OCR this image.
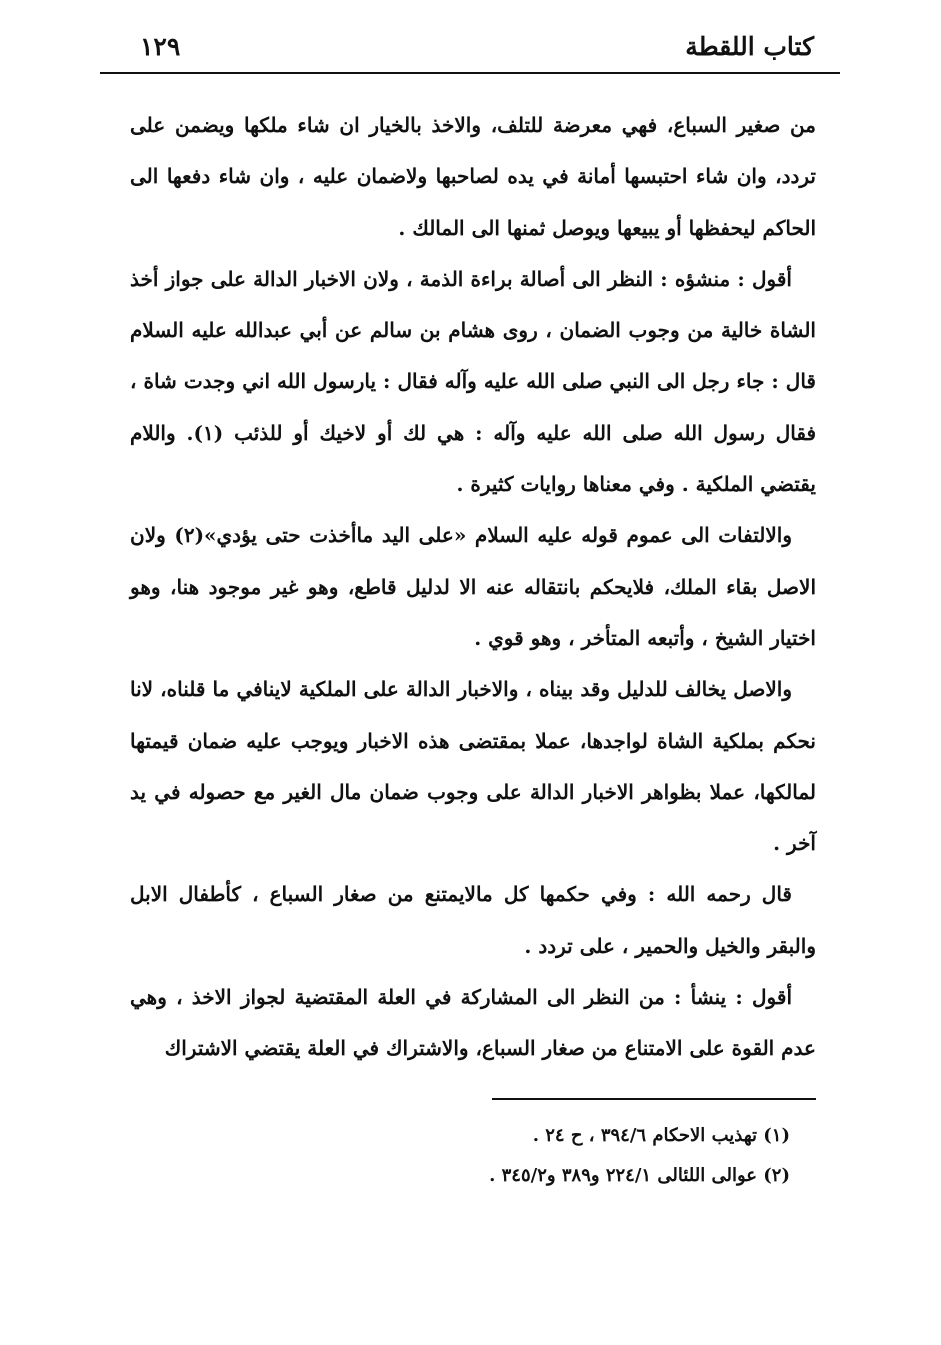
كتاب اللقطة
١٢٩

من صغير السباع، فهي معرضة للتلف، والاخذ بالخيار ان شاء ملكها ويضمن على تردد، وان شاء احتبسها أمانة في يده لصاحبها ولاضمان عليه ، وان شاء دفعها الى الحاكم ليحفظها أو يبيعها ويوصل ثمنها الى المالك .

أقول : منشؤه : النظر الى أصالة براءة الذمة ، ولان الاخبار الدالة على جواز أخذ الشاة خالية من وجوب الضمان ، روى هشام بن سالم عن أبي عبدالله عليه السلام قال : جاء رجل الى النبي صلى الله عليه وآله فقال : يارسول الله اني وجدت شاة ، فقال رسول الله صلى الله عليه وآله : هي لك أو لاخيك أو للذئب (١). واللام يقتضي الملكية . وفي معناها روايات كثيرة .

والالتفات الى عموم قوله عليه السلام «على اليد ماأخذت حتى يؤدي»(٢) ولان الاصل بقاء الملك، فلايحكم بانتقاله عنه الا لدليل قاطع، وهو غير موجود هنا، وهو اختيار الشيخ ، وأتبعه المتأخر ، وهو قوي .

والاصل يخالف للدليل وقد بيناه ، والاخبار الدالة على الملكية لاينافي ما قلناه، لانا نحكم بملكية الشاة لواجدها، عملا بمقتضى هذه الاخبار ويوجب عليه ضمان قيمتها لمالكها، عملا بظواهر الاخبار الدالة على وجوب ضمان مال الغير مع حصوله في يد آخر .

قال رحمه الله : وفي حكمها كل مالايمتنع من صغار السباع ، كأطفال الابل والبقر والخيل والحمير ، على تردد .

أقول : ينشأ : من النظر الى المشاركة في العلة المقتضية لجواز الاخذ ، وهي عدم القوة على الامتناع من صغار السباع، والاشتراك في العلة يقتضي الاشتراك

(١) تهذيب الاحكام ٣٩٤/٦ ، ح ٢٤ .

(٢) عوالى اللئالى ٢٢٤/١ و٣٨٩ و٣٤٥/٢ .
